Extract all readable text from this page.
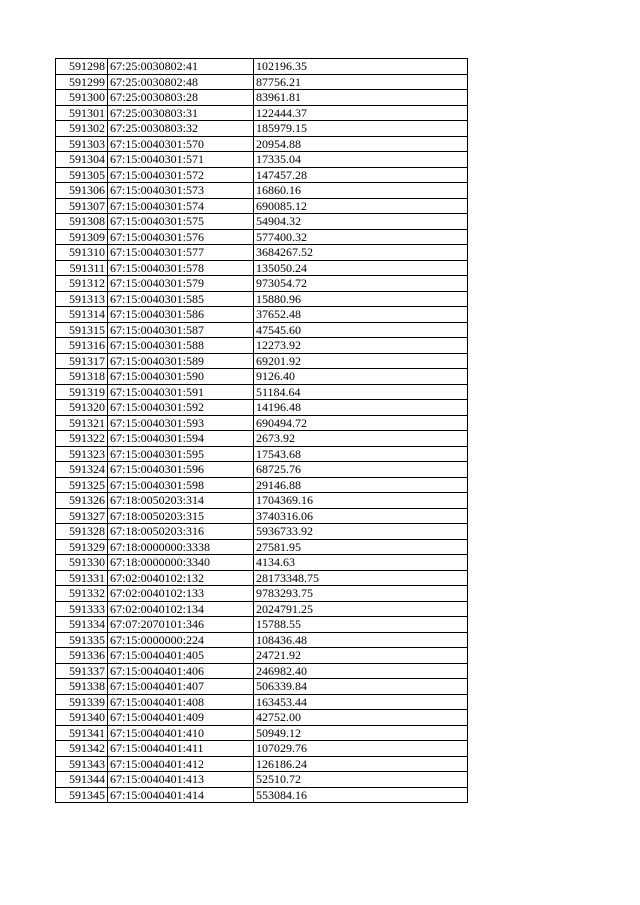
591298	67:25:0030802:41	102196.35
591299	67:25:0030802:48	87756.21
591300	67:25:0030803:28	83961.81
591301	67:25:0030803:31	122444.37
591302	67:25:0030803:32	185979.15
591303	67:15:0040301:570	20954.88
591304	67:15:0040301:571	17335.04
591305	67:15:0040301:572	147457.28
591306	67:15:0040301:573	16860.16
591307	67:15:0040301:574	690085.12
591308	67:15:0040301:575	54904.32
591309	67:15:0040301:576	577400.32
591310	67:15:0040301:577	3684267.52
591311	67:15:0040301:578	135050.24
591312	67:15:0040301:579	973054.72
591313	67:15:0040301:585	15880.96
591314	67:15:0040301:586	37652.48
591315	67:15:0040301:587	47545.60
591316	67:15:0040301:588	12273.92
591317	67:15:0040301:589	69201.92
591318	67:15:0040301:590	9126.40
591319	67:15:0040301:591	51184.64
591320	67:15:0040301:592	14196.48
591321	67:15:0040301:593	690494.72
591322	67:15:0040301:594	2673.92
591323	67:15:0040301:595	17543.68
591324	67:15:0040301:596	68725.76
591325	67:15:0040301:598	29146.88
591326	67:18:0050203:314	1704369.16
591327	67:18:0050203:315	3740316.06
591328	67:18:0050203:316	5936733.92
591329	67:18:0000000:3338	27581.95
591330	67:18:0000000:3340	4134.63
591331	67:02:0040102:132	28173348.75
591332	67:02:0040102:133	9783293.75
591333	67:02:0040102:134	2024791.25
591334	67:07:2070101:346	15788.55
591335	67:15:0000000:224	108436.48
591336	67:15:0040401:405	24721.92
591337	67:15:0040401:406	246982.40
591338	67:15:0040401:407	506339.84
591339	67:15:0040401:408	163453.44
591340	67:15:0040401:409	42752.00
591341	67:15:0040401:410	50949.12
591342	67:15:0040401:411	107029.76
591343	67:15:0040401:412	126186.24
591344	67:15:0040401:413	52510.72
591345	67:15:0040401:414	553084.16
